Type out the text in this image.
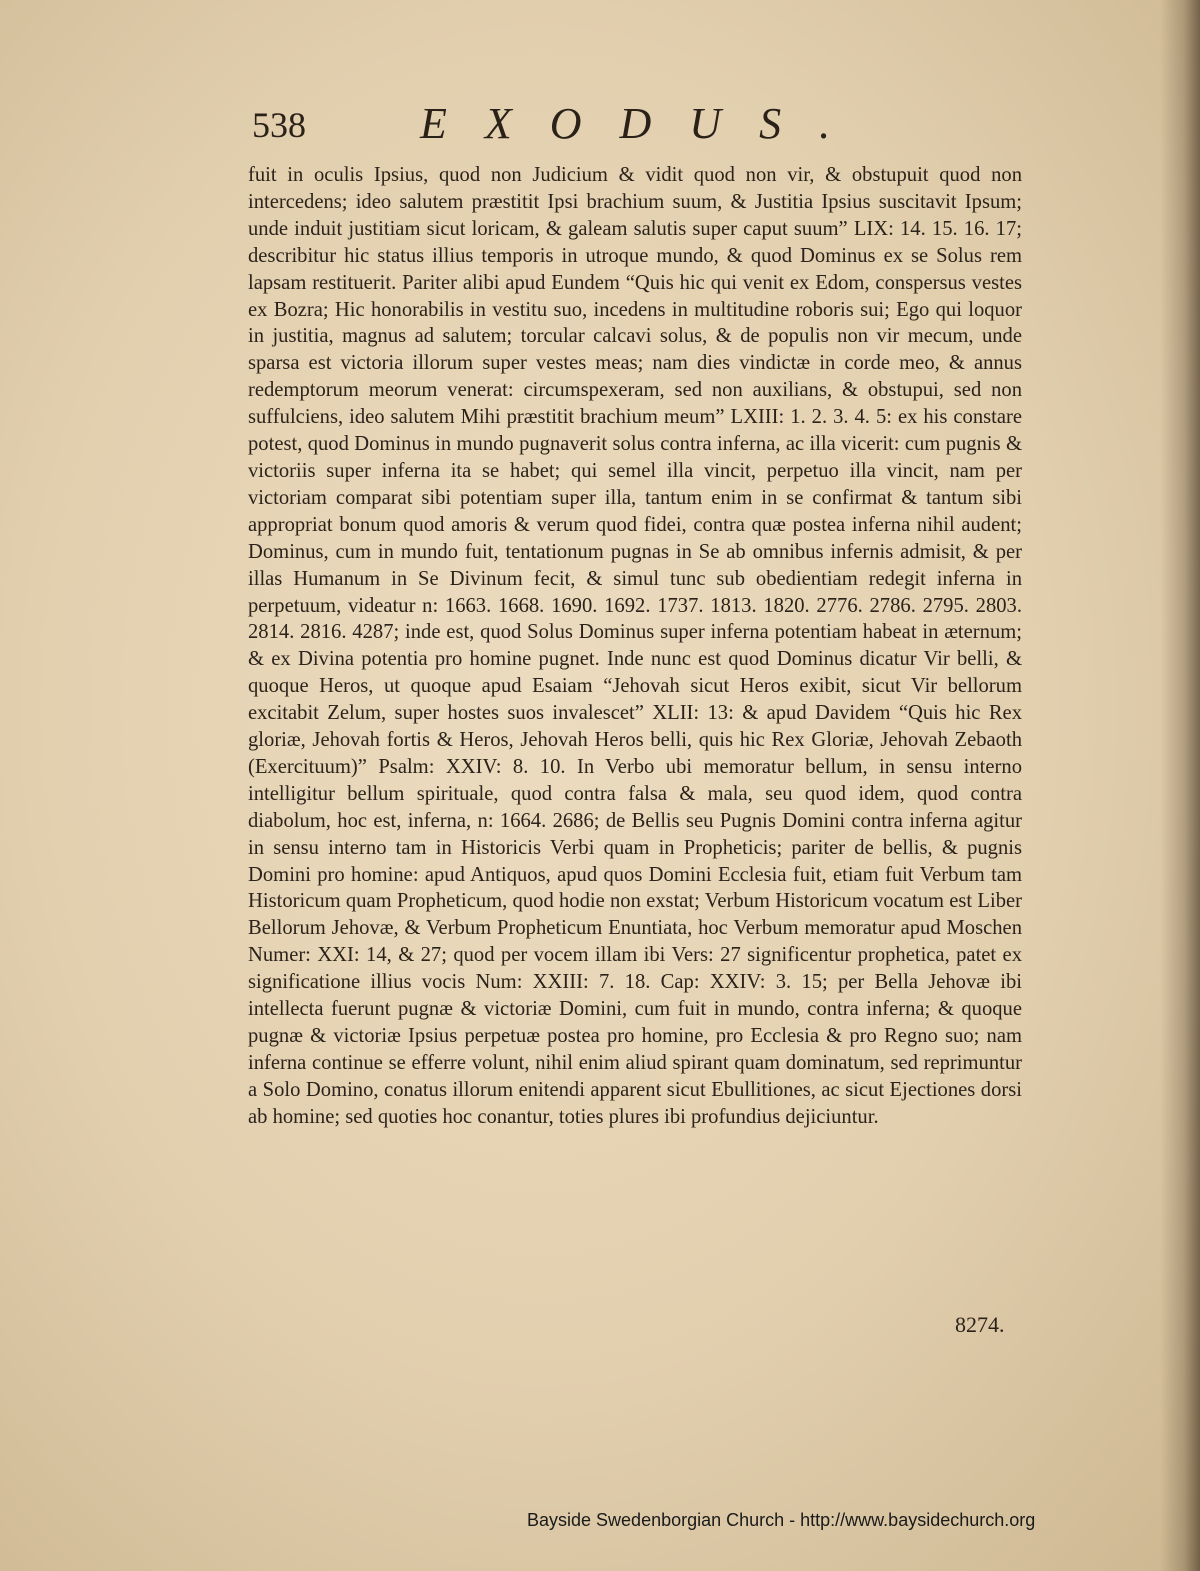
538	EXODUS.

fuit in oculis Ipsius, quod non Judicium & vidit quod non vir, & obstupuit quod non intercedens; ideo salutem præstitit Ipsi brachium suum, & Justitia Ipsius suscitavit Ipsum; unde induit justitiam sicut loricam, & galeam salutis super caput suum” LIX: 14. 15. 16. 17; describitur hic status illius temporis in utroque mundo, & quod Dominus ex se Solus rem lapsam restituerit. Pariter alibi apud Eundem “Quis hic qui venit ex Edom, conspersus vestes ex Bozra; Hic honorabilis in vestitu suo, incedens in multitudine roboris sui; Ego qui loquor in justitia, magnus ad salutem; torcular calcavi solus, & de populis non vir mecum, unde sparsa est victoria illorum super vestes meas; nam dies vindictæ in corde meo, & annus redemptorum meorum venerat: circumspexeram, sed non auxilians, & obstupui, sed non suffulciens, ideo salutem Mihi præstitit brachium meum” LXIII: 1. 2. 3. 4. 5: ex his constare potest, quod Dominus in mundo pugnaverit solus contra inferna, ac illa vicerit: cum pugnis & victoriis super inferna ita se habet; qui semel illa vincit, perpetuo illa vincit, nam per victoriam comparat sibi potentiam super illa, tantum enim in se confirmat & tantum sibi appropriat bonum quod amoris & verum quod fidei, contra quæ postea inferna nihil audent; Dominus, cum in mundo fuit, tentationum pugnas in Se ab omnibus infernis admisit, & per illas Humanum in Se Divinum fecit, & simul tunc sub obedientiam redegit inferna in perpetuum, videatur n: 1663. 1668. 1690. 1692. 1737. 1813. 1820. 2776. 2786. 2795. 2803. 2814. 2816. 4287; inde est, quod Solus Dominus super inferna potentiam habeat in æternum; & ex Divina potentia pro homine pugnet. Inde nunc est quod Dominus dicatur Vir belli, & quoque Heros, ut quoque apud Esaiam “Jehovah sicut Heros exibit, sicut Vir bellorum excitabit Zelum, super hostes suos invalescet” XLII: 13: & apud Davidem “Quis hic Rex gloriæ, Jehovah fortis & Heros, Jehovah Heros belli, quis hic Rex Gloriæ, Jehovah Zebaoth (Exercituum)” Psalm: XXIV: 8. 10. In Verbo ubi memoratur bellum, in sensu interno intelligitur bellum spirituale, quod contra falsa & mala, seu quod idem, quod contra diabolum, hoc est, inferna, n: 1664. 2686; de Bellis seu Pugnis Domini contra inferna agitur in sensu interno tam in Historicis Verbi quam in Propheticis; pariter de bellis, & pugnis Domini pro homine: apud Antiquos, apud quos Domini Ecclesia fuit, etiam fuit Verbum tam Historicum quam Propheticum, quod hodie non exstat; Verbum Historicum vocatum est Liber Bellorum Jehovæ, & Verbum Propheticum Enuntiata, hoc Verbum memoratur apud Moschen Numer: XXI: 14, & 27; quod per vocem illam ibi Vers: 27 significentur prophetica, patet ex significatione illius vocis Num: XXIII: 7. 18. Cap: XXIV: 3. 15; per Bella Jehovæ ibi intellecta fuerunt pugnæ & victoriæ Domini, cum fuit in mundo, contra inferna; & quoque pugnæ & victoriæ Ipsius perpetuæ postea pro homine, pro Ecclesia & pro Regno suo; nam inferna continue se efferre volunt, nihil enim aliud spirant quam dominatum, sed reprimuntur a Solo Domino, conatus illorum enitendi apparent sicut Ebullitiones, ac sicut Ejectiones dorsi ab homine; sed quoties hoc conantur, toties plures ibi profundius dejiciuntur.

8274.
Bayside Swedenborgian Church - http://www.baysidechurch.org
